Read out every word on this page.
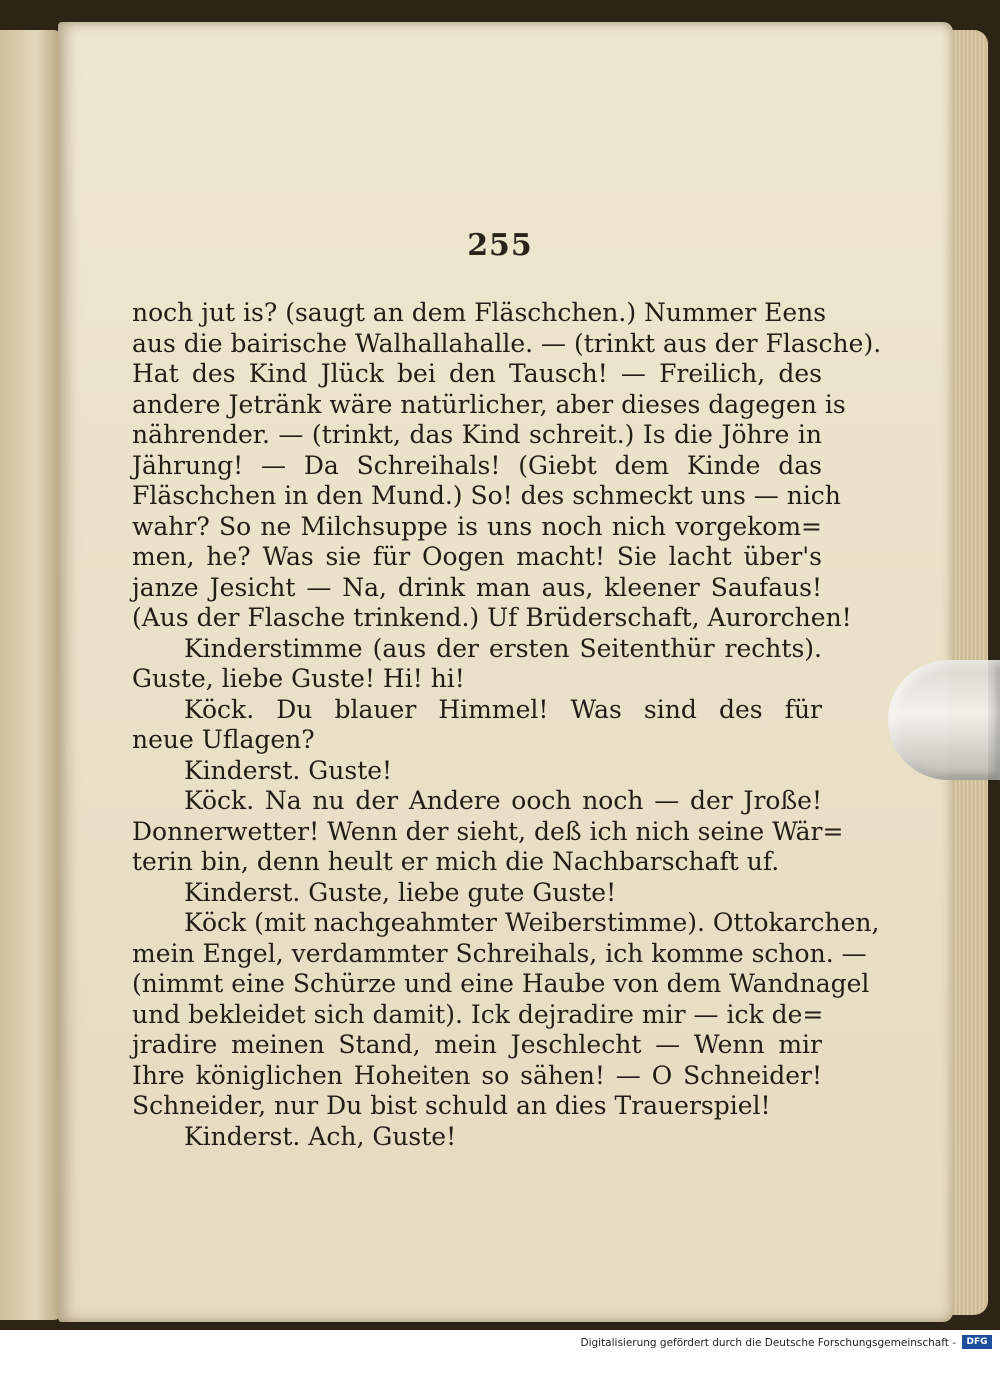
255
noch jut is? (saugt an dem Fläschchen.) Nummer Eens
aus die bairische Walhallahalle. — (trinkt aus der Flasche).
Hat des Kind Jlück bei den Tausch! — Freilich, des
andere Jetränk wäre natürlicher, aber dieses dagegen is
nährender. — (trinkt, das Kind schreit.) Is die Jöhre in
Jährung! — Da Schreihals! (Giebt dem Kinde das
Fläschchen in den Mund.) So! des schmeckt uns — nich
wahr? So ne Milchsuppe is uns noch nich vorgekom=
men, he? Was sie für Oogen macht! Sie lacht über's
janze Jesicht — Na, drink man aus, kleener Saufaus!
(Aus der Flasche trinkend.) Uf Brüderschaft, Aurorchen!
Kinderstimme (aus der ersten Seitenthür rechts).
Guste, liebe Guste! Hi! hi!
Köck. Du blauer Himmel! Was sind des für
neue Uflagen?
Kinderst. Guste!
Köck. Na nu der Andere ooch noch — der Jroße!
Donnerwetter! Wenn der sieht, deß ich nich seine Wär=
terin bin, denn heult er mich die Nachbarschaft uf.
Kinderst. Guste, liebe gute Guste!
Köck (mit nachgeahmter Weiberstimme). Ottokarchen,
mein Engel, verdammter Schreihals, ich komme schon. —
(nimmt eine Schürze und eine Haube von dem Wandnagel
und bekleidet sich damit). Ick dejradire mir — ick de=
jradire meinen Stand, mein Jeschlecht — Wenn mir
Ihre königlichen Hoheiten so sähen! — O Schneider!
Schneider, nur Du bist schuld an dies Trauerspiel!
Kinderst. Ach, Guste!
Digitalisierung gefördert durch die Deutsche Forschungsgemeinschaft -	DFG
